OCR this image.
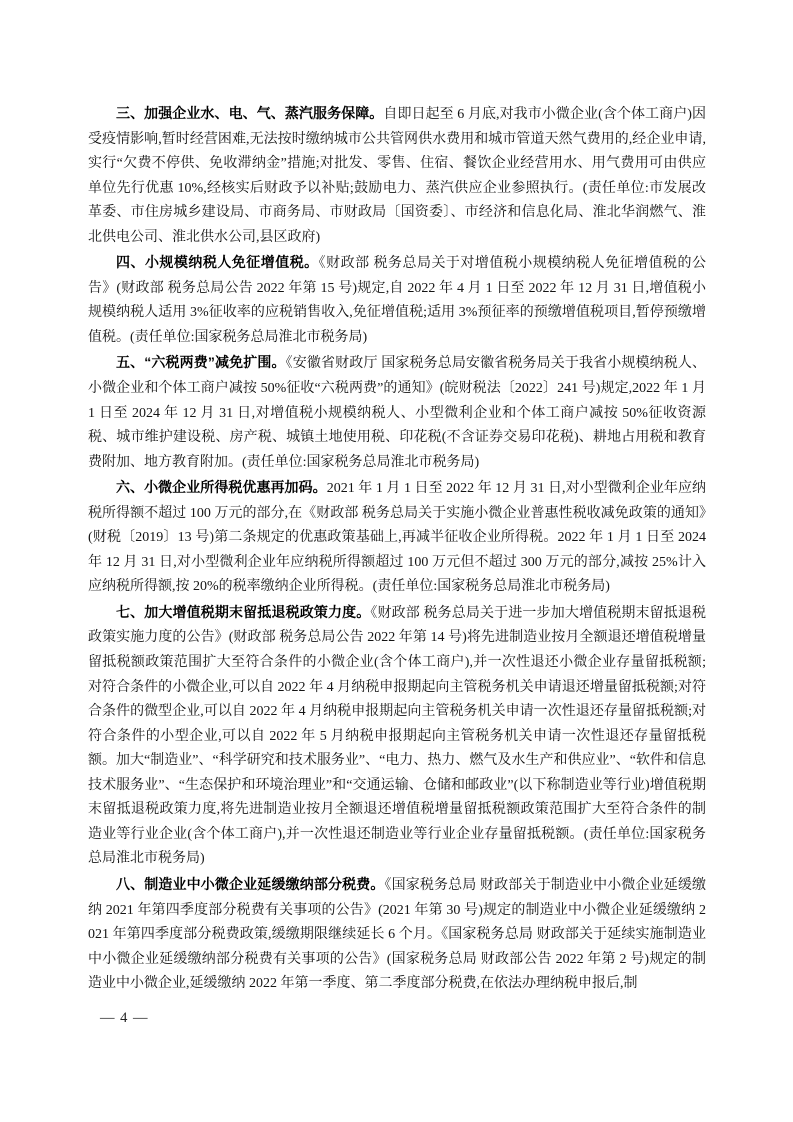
三、加强企业水、电、气、蒸汽服务保障。自即日起至 6 月底,对我市小微企业(含个体工商户)因受疫情影响,暂时经营困难,无法按时缴纳城市公共管网供水费用和城市管道天然气费用的,经企业申请,实行“欠费不停供、免收滞纳金”措施;对批发、零售、住宿、餐饮企业经营用水、用气费用可由供应单位先行优惠 10%,经核实后财政予以补贴;鼓励电力、蒸汽供应企业参照执行。(责任单位:市发展改革委、市住房城乡建设局、市商务局、市财政局〔国资委〕、市经济和信息化局、淮北华润燃气、淮北供电公司、淮北供水公司,县区政府)

四、小规模纳税人免征增值税。《财政部 税务总局关于对增值税小规模纳税人免征增值税的公告》(财政部 税务总局公告 2022 年第 15 号)规定,自 2022 年 4 月 1 日至 2022 年 12 月 31 日,增值税小规模纳税人适用 3%征收率的应税销售收入,免征增值税;适用 3%预征率的预缴增值税项目,暂停预缴增值税。(责任单位:国家税务总局淮北市税务局)

五、“六税两费”减免扩围。《安徽省财政厅 国家税务总局安徽省税务局关于我省小规模纳税人、小微企业和个体工商户减按 50%征收“六税两费”的通知》(皖财税法〔2022〕241 号)规定,2022 年 1 月 1 日至 2024 年 12 月 31 日,对增值税小规模纳税人、小型微利企业和个体工商户减按 50%征收资源税、城市维护建设税、房产税、城镇土地使用税、印花税(不含证券交易印花税)、耕地占用税和教育费附加、地方教育附加。(责任单位:国家税务总局淮北市税务局)

六、小微企业所得税优惠再加码。2021 年 1 月 1 日至 2022 年 12 月 31 日,对小型微利企业年应纳税所得额不超过 100 万元的部分,在《财政部 税务总局关于实施小微企业普惠性税收减免政策的通知》(财税〔2019〕13 号)第二条规定的优惠政策基础上,再减半征收企业所得税。2022 年 1 月 1 日至 2024 年 12 月 31 日,对小型微利企业年应纳税所得额超过 100 万元但不超过 300 万元的部分,减按 25%计入应纳税所得额,按 20%的税率缴纳企业所得税。(责任单位:国家税务总局淮北市税务局)

七、加大增值税期末留抵退税政策力度。《财政部 税务总局关于进一步加大增值税期末留抵退税政策实施力度的公告》(财政部 税务总局公告 2022 年第 14 号)将先进制造业按月全额退还增值税增量留抵税额政策范围扩大至符合条件的小微企业(含个体工商户),并一次性退还小微企业存量留抵税额;对符合条件的小微企业,可以自 2022 年 4 月纳税申报期起向主管税务机关申请退还增量留抵税额;对符合条件的微型企业,可以自 2022 年 4 月纳税申报期起向主管税务机关申请一次性退还存量留抵税额;对符合条件的小型企业,可以自 2022 年 5 月纳税申报期起向主管税务机关申请一次性退还存量留抵税额。加大“制造业”、“科学研究和技术服务业”、“电力、热力、燃气及水生产和供应业”、“软件和信息技术服务业”、“生态保护和环境治理业”和“交通运输、仓储和邮政业”(以下称制造业等行业)增值税期末留抵退税政策力度,将先进制造业按月全额退还增值税增量留抵税额政策范围扩大至符合条件的制造业等行业企业(含个体工商户),并一次性退还制造业等行业企业存量留抵税额。(责任单位:国家税务总局淮北市税务局)

八、制造业中小微企业延缓缴纳部分税费。《国家税务总局 财政部关于制造业中小微企业延缓缴纳 2021 年第四季度部分税费有关事项的公告》(2021 年第 30 号)规定的制造业中小微企业延缓缴纳 2021 年第四季度部分税费政策,缓缴期限继续延长 6 个月。《国家税务总局 财政部关于延续实施制造业中小微企业延缓缴纳部分税费有关事项的公告》(国家税务总局 财政部公告 2022 年第 2 号)规定的制造业中小微企业,延缓缴纳 2022 年第一季度、第二季度部分税费,在依法办理纳税申报后,制

— 4 —
